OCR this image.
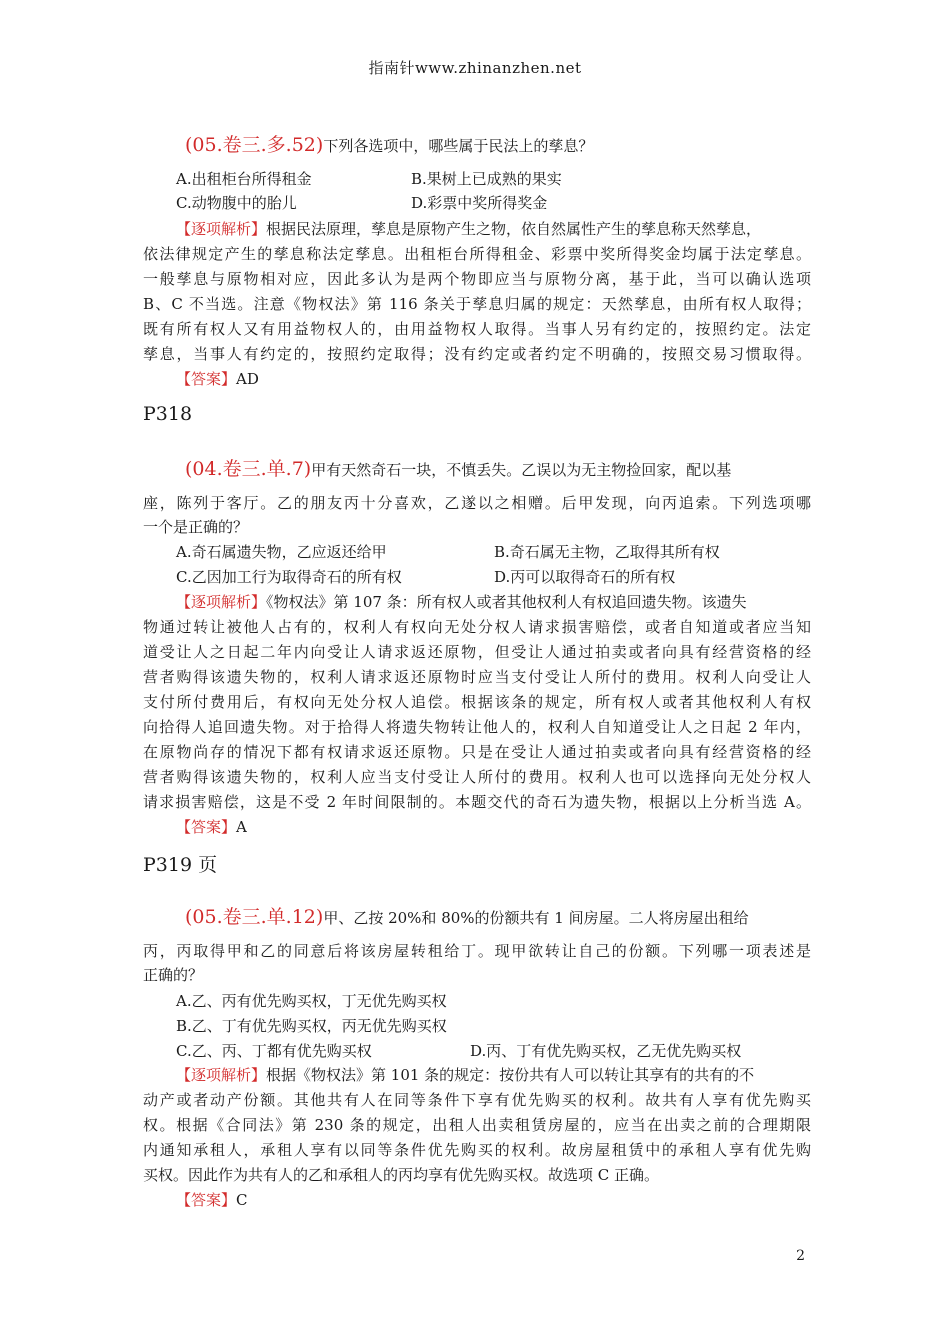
指南针www.zhinanzhen.net
(05.卷三.多.52)下列各选项中，哪些属于民法上的孳息？
A.出租柜台所得租金	B.果树上已成熟的果实
C.动物腹中的胎儿	D.彩票中奖所得奖金
【逐项解析】根据民法原理，孳息是原物产生之物，依自然属性产生的孳息称天然孳息，
依法律规定产生的孳息称法定孳息。出租柜台所得租金、彩票中奖所得奖金均属于法定孳息。
一般孳息与原物相对应，因此多认为是两个物即应当与原物分离，基于此，当可以确认选项
B、C 不当选。注意《物权法》第 116 条关于孳息归属的规定：天然孳息，由所有权人取得；
既有所有权人又有用益物权人的，由用益物权人取得。当事人另有约定的，按照约定。法定
孳息，当事人有约定的，按照约定取得；没有约定或者约定不明确的，按照交易习惯取得。
【答案】AD
P318
(04.卷三.单.7)甲有天然奇石一块，不慎丢失。乙误以为无主物捡回家，配以基
座，陈列于客厅。乙的朋友丙十分喜欢，乙遂以之相赠。后甲发现，向丙追索。下列选项哪
一个是正确的？
A.奇石属遗失物，乙应返还给甲	B.奇石属无主物，乙取得其所有权
C.乙因加工行为取得奇石的所有权	D.丙可以取得奇石的所有权
【逐项解析】《物权法》第 107 条：所有权人或者其他权利人有权追回遗失物。该遗失
物通过转让被他人占有的，权利人有权向无处分权人请求损害赔偿，或者自知道或者应当知
道受让人之日起二年内向受让人请求返还原物，但受让人通过拍卖或者向具有经营资格的经
营者购得该遗失物的，权利人请求返还原物时应当支付受让人所付的费用。权利人向受让人
支付所付费用后，有权向无处分权人追偿。根据该条的规定，所有权人或者其他权利人有权
向拾得人追回遗失物。对于拾得人将遗失物转让他人的，权利人自知道受让人之日起 2 年内，
在原物尚存的情况下都有权请求返还原物。只是在受让人通过拍卖或者向具有经营资格的经
营者购得该遗失物的，权利人应当支付受让人所付的费用。权利人也可以选择向无处分权人
请求损害赔偿，这是不受 2 年时间限制的。本题交代的奇石为遗失物，根据以上分析当选 A。
【答案】A
P319 页
(05.卷三.单.12)甲、乙按 20%和 80%的份额共有 1 间房屋。二人将房屋出租给
丙，丙取得甲和乙的同意后将该房屋转租给丁。现甲欲转让自己的份额。下列哪一项表述是
正确的？
A.乙、丙有优先购买权，丁无优先购买权
B.乙、丁有优先购买权，丙无优先购买权
C.乙、丙、丁都有优先购买权	D.丙、丁有优先购买权，乙无优先购买权
【逐项解析】根据《物权法》第 101 条的规定：按份共有人可以转让其享有的共有的不
动产或者动产份额。其他共有人在同等条件下享有优先购买的权利。故共有人享有优先购买
权。根据《合同法》第 230 条的规定，出租人出卖租赁房屋的，应当在出卖之前的合理期限
内通知承租人，承租人享有以同等条件优先购买的权利。故房屋租赁中的承租人享有优先购
买权。因此作为共有人的乙和承租人的丙均享有优先购买权。故选项 C 正确。
【答案】C
2
